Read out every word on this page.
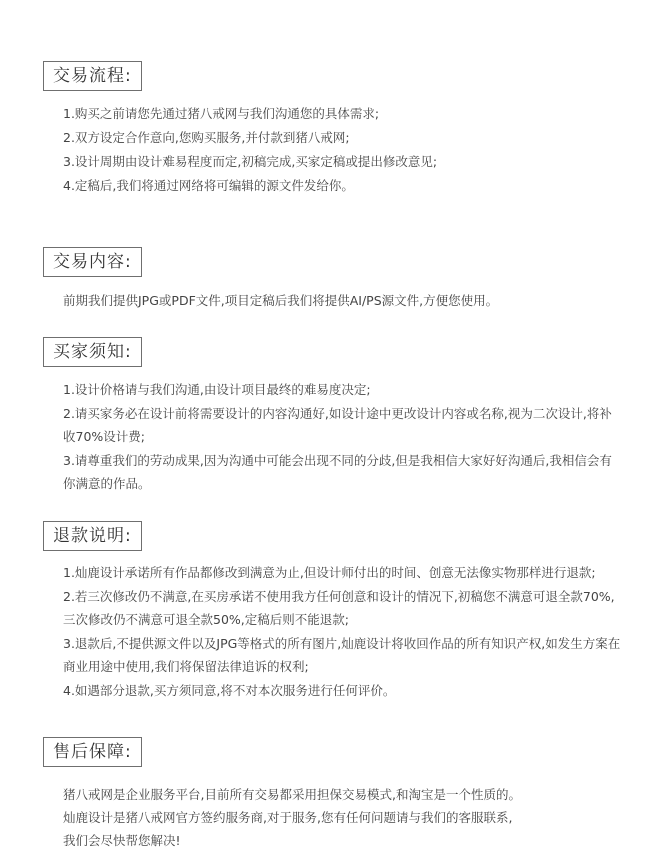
交易流程:

1.购买之前请您先通过猪八戒网与我们沟通您的具体需求;

2.双方设定合作意向,您购买服务,并付款到猪八戒网;

3.设计周期由设计难易程度而定,初稿完成,买家定稿或提出修改意见;

4.定稿后,我们将通过网络将可编辑的源文件发给你。

交易内容:

前期我们提供JPG或PDF文件,项目定稿后我们将提供AI/PS源文件,方便您使用。

买家须知:

1.设计价格请与我们沟通,由设计项目最终的难易度决定;

2.请买家务必在设计前将需要设计的内容沟通好,如设计途中更改设计内容或名称,视为二次设计,将补收70%设计费;

3.请尊重我们的劳动成果,因为沟通中可能会出现不同的分歧,但是我相信大家好好沟通后,我相信会有你满意的作品。

退款说明:

1.灿鹿设计承诺所有作品都修改到满意为止,但设计师付出的时间、创意无法像实物那样进行退款;

2.若三次修改仍不满意,在买房承诺不使用我方任何创意和设计的情况下,初稿您不满意可退全款70%,三次修改仍不满意可退全款50%,定稿后则不能退款;

3.退款后,不提供源文件以及JPG等格式的所有图片,灿鹿设计将收回作品的所有知识产权,如发生方案在商业用途中使用,我们将保留法律追诉的权利;

4.如遇部分退款,买方须同意,将不对本次服务进行任何评价。

售后保障:

猪八戒网是企业服务平台,目前所有交易都采用担保交易模式,和淘宝是一个性质的。

灿鹿设计是猪八戒网官方签约服务商,对于服务,您有任何问题请与我们的客服联系,

我们会尽快帮您解决!
